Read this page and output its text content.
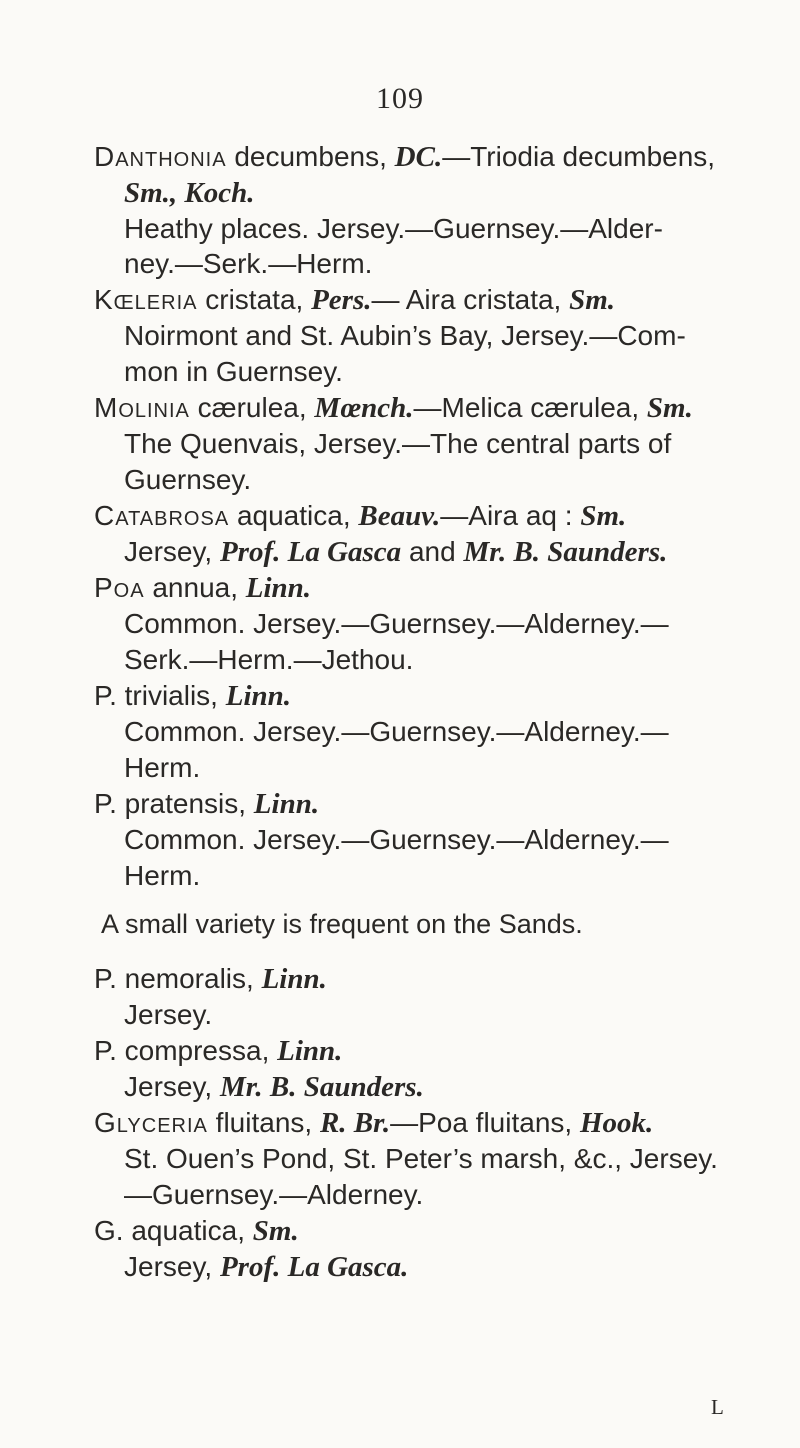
109
Danthonia decumbens, DC.—Triodia decumbens,
Sm., Koch.
Heathy places. Jersey.—Guernsey.—Alder-
ney.—Serk.—Herm.
Kœleria cristata, Pers.— Aira cristata, Sm.
Noirmont and St. Aubin’s Bay, Jersey.—Com-
mon in Guernsey.
Molinia cærulea, Mœnch.—Melica cærulea, Sm.
The Quenvais, Jersey.—The central parts of
Guernsey.
Catabrosa aquatica, Beauv.—Aira aq : Sm.
Jersey, Prof. La Gasca and Mr. B. Saunders.
Poa annua, Linn.
Common. Jersey.—Guernsey.—Alderney.—
Serk.—Herm.—Jethou.
P. trivialis, Linn.
Common. Jersey.—Guernsey.—Alderney.—
Herm.
P. pratensis, Linn.
Common. Jersey.—Guernsey.—Alderney.—
Herm.
A small variety is frequent on the Sands.
P. nemoralis, Linn.
Jersey.
P. compressa, Linn.
Jersey, Mr. B. Saunders.
Glyceria fluitans, R. Br.—Poa fluitans, Hook.
St. Ouen’s Pond, St. Peter’s marsh, &c., Jersey.
—Guernsey.—Alderney.
G. aquatica, Sm.
Jersey, Prof. La Gasca.
L
